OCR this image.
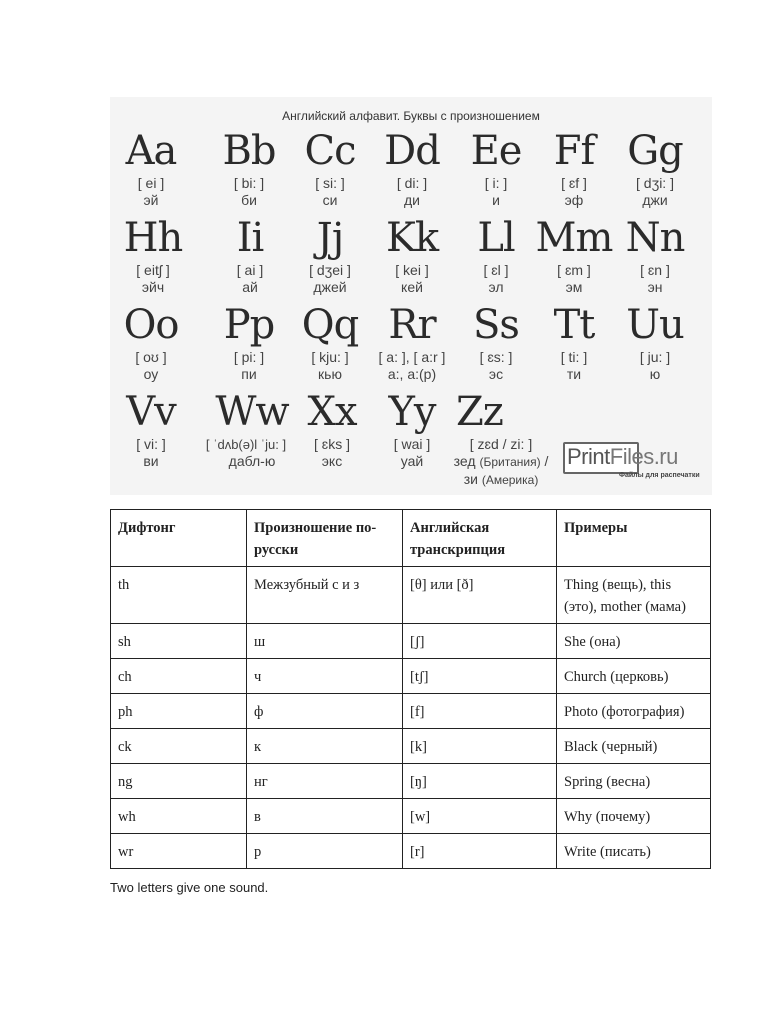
Английский алфавит. Буквы с произношением
Aa
[ ei ]
эй
Bb
[ bi: ]
би
Cc
[ si: ]
си
Dd
[ di: ]
ди
Ee
[ i: ]
и
Ff
[ ɛf ]
эф
Gg
[ dʒi: ]
джи
Hh
[ eitʃ ]
эйч
Ii
[ ai ]
ай
Jj
[ dʒei ]
джей
Kk
[ kei ]
кей
Ll
[ ɛl ]
эл
Mm
[ ɛm ]
эм
Nn
[ ɛn ]
эн
Oo
[ oʊ ]
оу
Pp
[ pi: ]
пи
Qq
[ kju: ]
кью
Rr
[ a: ], [ a:r ]
а:, а:(р)
Ss
[ ɛs: ]
эс
Tt
[ ti: ]
ти
Uu
[ ju: ]
ю
Vv
[ vi: ]
ви
Ww
[ ˈdʌb(ə)l ˈju: ]
дабл-ю
Xx
[ ɛks ]
экс
Yy
[ wai ]
уай
Zz
[ zɛd / zi: ]
зед (Британия) /
зи (Америка)
PrintFiles.ru
Файлы для распечатки
Дифтонг	Произношение по-русски	Английская транскрипция	Примеры
th	Межзубный с и з	[θ] или [ð]	Thing (вещь), this (это), mother (мама)
sh	ш	[ʃ]	She (она)
ch	ч	[tʃ]	Church (церковь)
ph	ф	[f]	Photo (фотография)
ck	к	[k]	Black (черный)
ng	нг	[ŋ]	Spring (весна)
wh	в	[w]	Why (почему)
wr	р	[r]	Write (писать)
Two letters give one sound.
